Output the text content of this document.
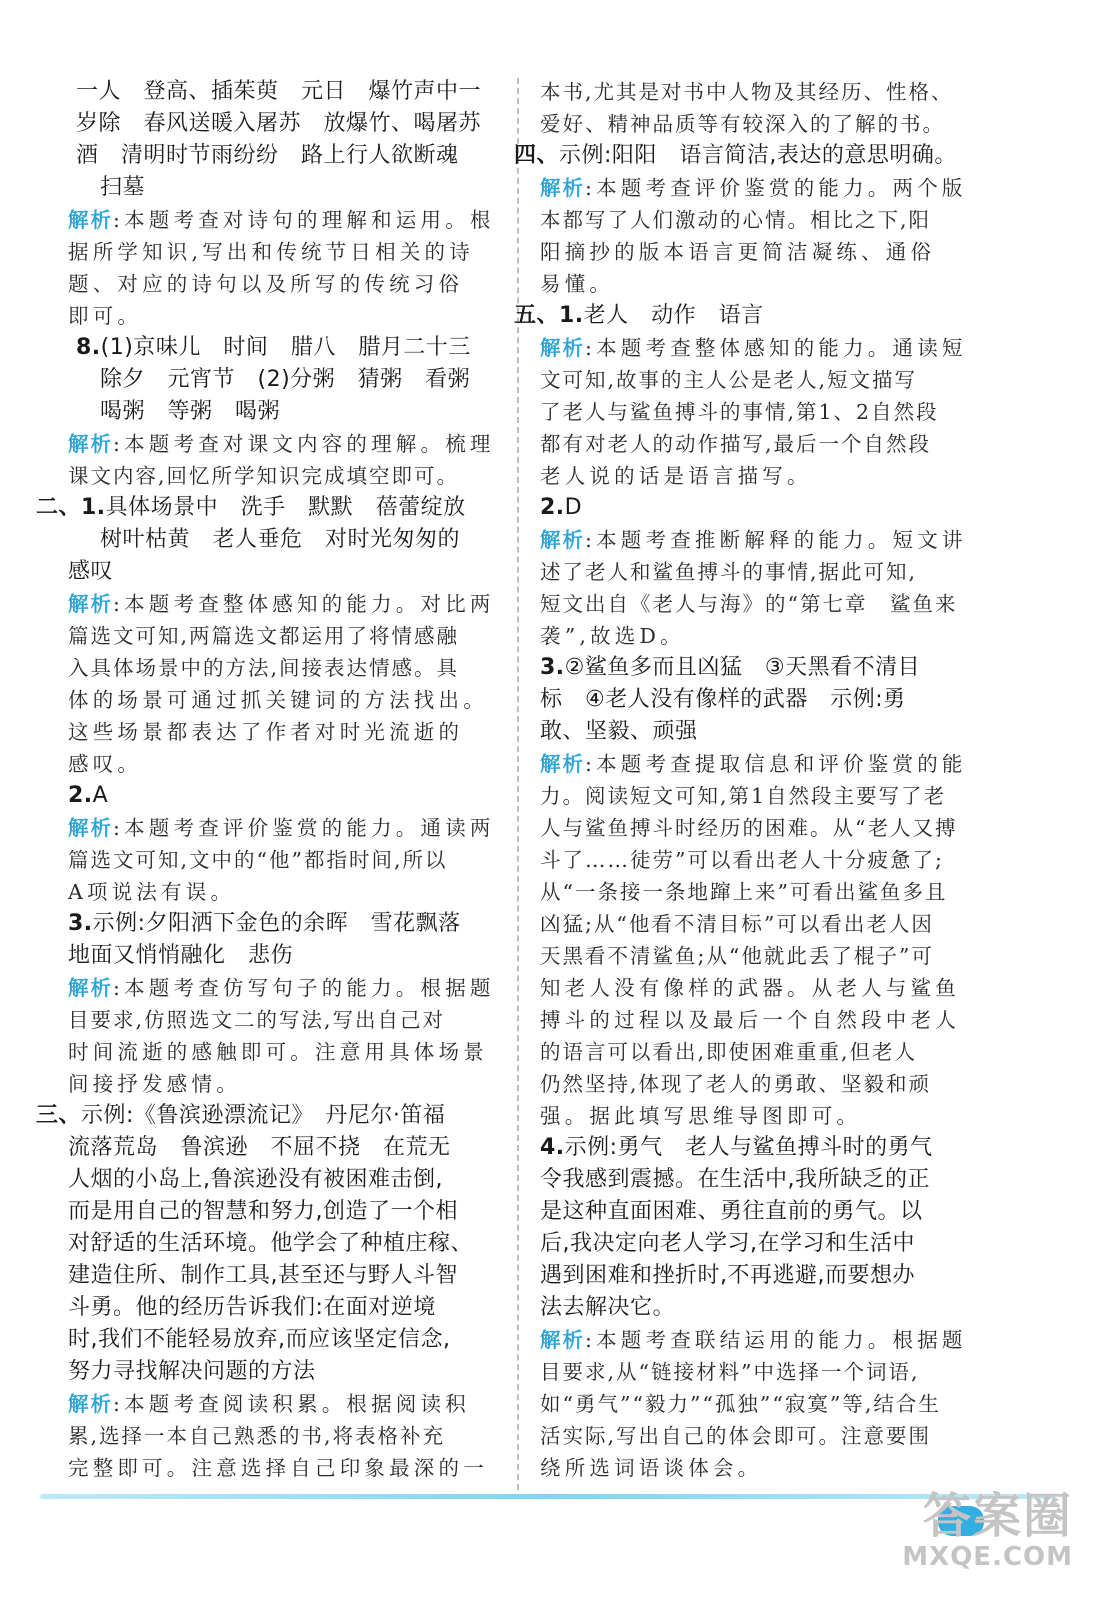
一人　登高、插茱萸　元日　爆竹声中一
岁除　春风送暖入屠苏　放爆竹、喝屠苏
酒　清明时节雨纷纷　路上行人欲断魂
扫墓
解析:本题考查对诗句的理解和运用。根
据所学知识,写出和传统节日相关的诗
题、对应的诗句以及所写的传统习俗
即可。
8.(1)京味儿　时间　腊八　腊月二十三
除夕　元宵节　(2)分粥　猜粥　看粥
喝粥　等粥　喝粥
解析:本题考查对课文内容的理解。梳理
课文内容,回忆所学知识完成填空即可。
二、1.具体场景中　洗手　默默　蓓蕾绽放
树叶枯黄　老人垂危　对时光匆匆的
感叹
解析:本题考查整体感知的能力。对比两
篇选文可知,两篇选文都运用了将情感融
入具体场景中的方法,间接表达情感。具
体的场景可通过抓关键词的方法找出。
这些场景都表达了作者对时光流逝的
感叹。
2.A
解析:本题考查评价鉴赏的能力。通读两
篇选文可知,文中的“他”都指时间,所以
A项说法有误。
3.示例:夕阳洒下金色的余晖　雪花飘落
地面又悄悄融化　悲伤
解析:本题考查仿写句子的能力。根据题
目要求,仿照选文二的写法,写出自己对
时间流逝的感触即可。注意用具体场景
间接抒发感情。
三、示例:《鲁滨逊漂流记》　丹尼尔·笛福
流落荒岛　鲁滨逊　不屈不挠　在荒无
人烟的小岛上,鲁滨逊没有被困难击倒,
而是用自己的智慧和努力,创造了一个相
对舒适的生活环境。他学会了种植庄稼、
建造住所、制作工具,甚至还与野人斗智
斗勇。他的经历告诉我们:在面对逆境
时,我们不能轻易放弃,而应该坚定信念,
努力寻找解决问题的方法
解析:本题考查阅读积累。根据阅读积
累,选择一本自己熟悉的书,将表格补充
完整即可。注意选择自己印象最深的一
本书,尤其是对书中人物及其经历、性格、
爱好、精神品质等有较深入的了解的书。
四、示例:阳阳　语言简洁,表达的意思明确。
解析:本题考查评价鉴赏的能力。两个版
本都写了人们激动的心情。相比之下,阳
阳摘抄的版本语言更简洁凝练、通俗
易懂。
五、1.老人　动作　语言
解析:本题考查整体感知的能力。通读短
文可知,故事的主人公是老人,短文描写
了老人与鲨鱼搏斗的事情,第1、2自然段
都有对老人的动作描写,最后一个自然段
老人说的话是语言描写。
2.D
解析:本题考查推断解释的能力。短文讲
述了老人和鲨鱼搏斗的事情,据此可知,
短文出自《老人与海》的“第七章　鲨鱼来
袭”,故选D。
3.②鲨鱼多而且凶猛　③天黑看不清目
标　④老人没有像样的武器　示例:勇
敢、坚毅、顽强
解析:本题考查提取信息和评价鉴赏的能
力。阅读短文可知,第1自然段主要写了老
人与鲨鱼搏斗时经历的困难。从“老人又搏
斗了……徒劳”可以看出老人十分疲惫了;
从“一条接一条地蹿上来”可看出鲨鱼多且
凶猛;从“他看不清目标”可以看出老人因
天黑看不清鲨鱼;从“他就此丢了棍子”可
知老人没有像样的武器。从老人与鲨鱼
搏斗的过程以及最后一个自然段中老人
的语言可以看出,即使困难重重,但老人
仍然坚持,体现了老人的勇敢、坚毅和顽
强。据此填写思维导图即可。
4.示例:勇气　老人与鲨鱼搏斗时的勇气
令我感到震撼。在生活中,我所缺乏的正
是这种直面困难、勇往直前的勇气。以
后,我决定向老人学习,在学习和生活中
遇到困难和挫折时,不再逃避,而要想办
法去解决它。
解析:本题考查联结运用的能力。根据题
目要求,从“链接材料”中选择一个词语,
如“勇气”“毅力”“孤独”“寂寞”等,结合生
活实际,写出自己的体会即可。注意要围
绕所选词语谈体会。
答案圈
MXQE.COM
